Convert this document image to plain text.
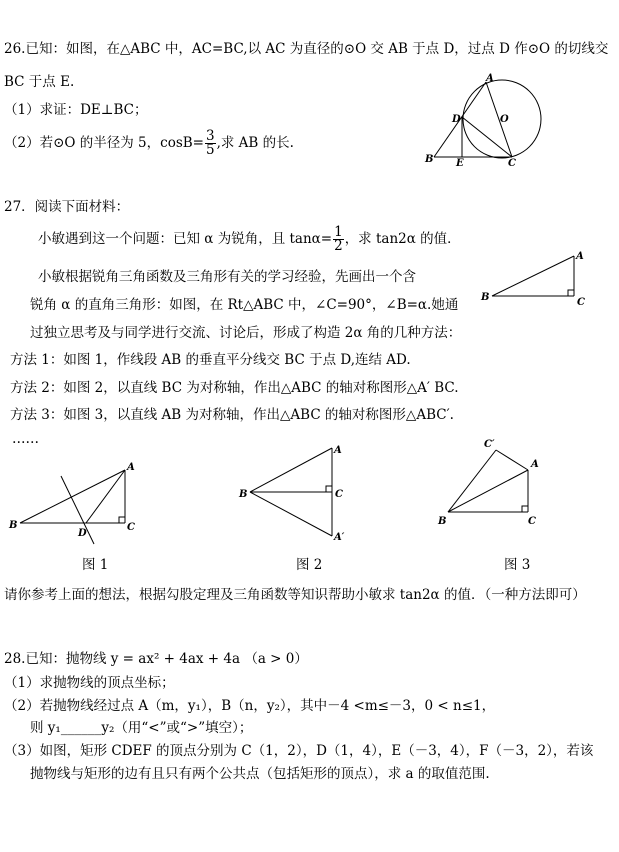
26.已知：如图，在△ABC 中，AC=BC,以 AC 为直径的⊙O 交 AB 于点 D，过点 D 作⊙O 的切线交
BC 于点 E.
（1）求证：DE⊥BC；
（2）若⊙O 的半径为 5，$\cos B= \frac{3}{5}$ ,求 AB 的长.
A
D	O
B E	C
27．阅读下面材料：
小敏遇到这一个问题：已知 α 为锐角，且 $\tan\alpha= \frac{1}{2}$ ，求 tan2α 的值．
小敏根据锐角三角函数及三角形有关的学习经验，先画出一个含
锐角 α 的直角三角形：如图，在 Rt△ABC 中，∠C=90°，∠B=α.她通
过独立思考及与同学进行交流、讨论后，形成了构造 2α 角的几种方法：
方法 1：如图 1，作线段 AB 的垂直平分线交 BC 于点 D,连结 AD.
方法 2：如图 2，以直线 BC 为对称轴，作出△ABC 的轴对称图形△A′ BC.
方法 3：如图 3，以直线 AB 为对称轴，作出△ABC 的轴对称图形△ABC′.
……
A
B	C
A
B	C
D
图 1
A
B	C
A′
图 2
A
B	C
C′
图 3
请你参考上面的想法，根据勾股定理及三角函数等知识帮助小敏求 tan2α 的值．（一种方法即可）
28.已知：抛物线 y = ax² + 4ax + 4a （a > 0）
（1）求抛物线的顶点坐标；
（2）若抛物线经过点 A（m，y₁），B（n，y₂），其中－4 <m≤－3，0 < n≤1，
则 y₁______y₂（用“<”或“>”填空）；
（3）如图，矩形 CDEF 的顶点分别为 C（1，2），D（1，4），E（－3，4），F（－3，2），若该
抛物线与矩形的边有且只有两个公共点（包括矩形的顶点），求 a 的取值范围.
